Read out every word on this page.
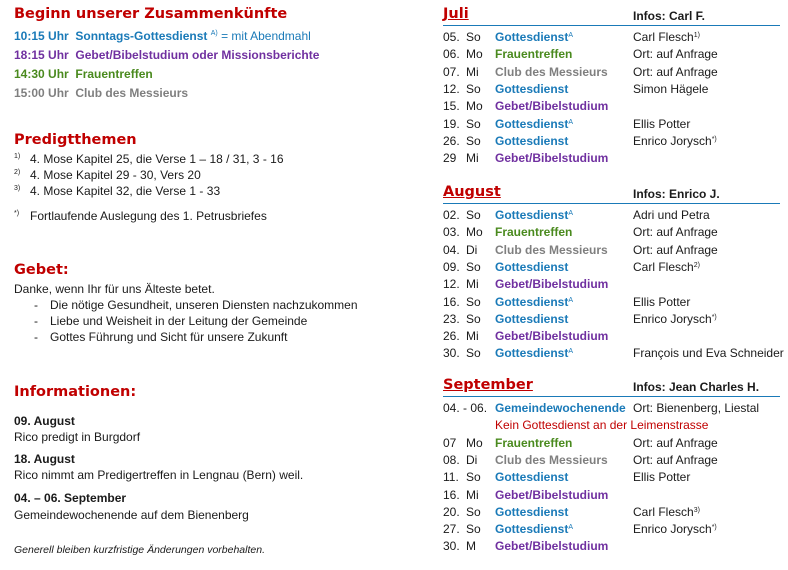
Beginn unserer Zusammenkünfte
10:15 Uhr Sonntags-Gottesdienst $^{A)}$ = mit Abendmahl
18:15 Uhr Gebet/Bibelstudium oder Missionsberichte
14:30 Uhr Frauentreffen
15:00 Uhr Club des Messieurs
Predigtthemen
1) 4. Mose Kapitel 25, die Verse 1 – 18 / 31, 3 - 16
2) 4. Mose Kapitel 29 - 30, Vers 20
3) 4. Mose Kapitel 32, die Verse 1 - 33
*) Fortlaufende Auslegung des 1. Petrusbriefes
Gebet:
Danke, wenn Ihr für uns Älteste betet.
- Die nötige Gesundheit, unseren Diensten nachzukommen
- Liebe und Weisheit in der Leitung der Gemeinde
- Gottes Führung und Sicht für unsere Zukunft
Informationen:
09. August
Rico predigt in Burgdorf
18. August
Rico nimmt am Predigertreffen in Lengnau (Bern) weil.
04. – 06. September
Gemeindewochenende auf dem Bienenberg
Generell bleiben kurzfristige Änderungen vorbehalten.
Juli	Infos: Carl F.
05. So Gottesdienst$^A$	Carl Flesch$^{1)}$
06. Mo Frauentreffen	Ort: auf Anfrage
07. Mi Club des Messieurs Ort: auf Anfrage
12. So Gottesdienst	Simon Hägele
15. Mo Gebet/Bibelstudium
19. So Gottesdienst$^A$	Ellis Potter
26. So Gottesdienst	Enrico Jorysch*)
29 Mi Gebet/Bibelstudium
August	Infos: Enrico J.
02. So Gottesdienst$^A$	Adri und Petra
03. Mo Frauentreffen	Ort: auf Anfrage
04. Di Club des Messieurs Ort: auf Anfrage
09. So Gottesdienst	Carl Flesch$^{2)}$
12. Mi Gebet/Bibelstudium
16. So Gottesdienst$^A$	Ellis Potter
23. So Gottesdienst	Enrico Jorysch*)
26. Mi Gebet/Bibelstudium
30. So Gottesdienst$^A$	François und Eva Schneider
September	Infos: Jean Charles H.
04. - 06. Gemeindewochenende Ort: Bienenberg, Liestal
Kein Gottesdienst an der Leimenstrasse
07 Mo Frauentreffen	Ort: auf Anfrage
08. Di Club des Messieurs Ort: auf Anfrage
11. So Gottesdienst	Ellis Potter
16. Mi Gebet/Bibelstudium
20. So Gottesdienst	Carl Flesch$^{3)}$
27. So Gottesdienst$^A$	Enrico Jorysch*)
30. M Gebet/Bibelstudium
